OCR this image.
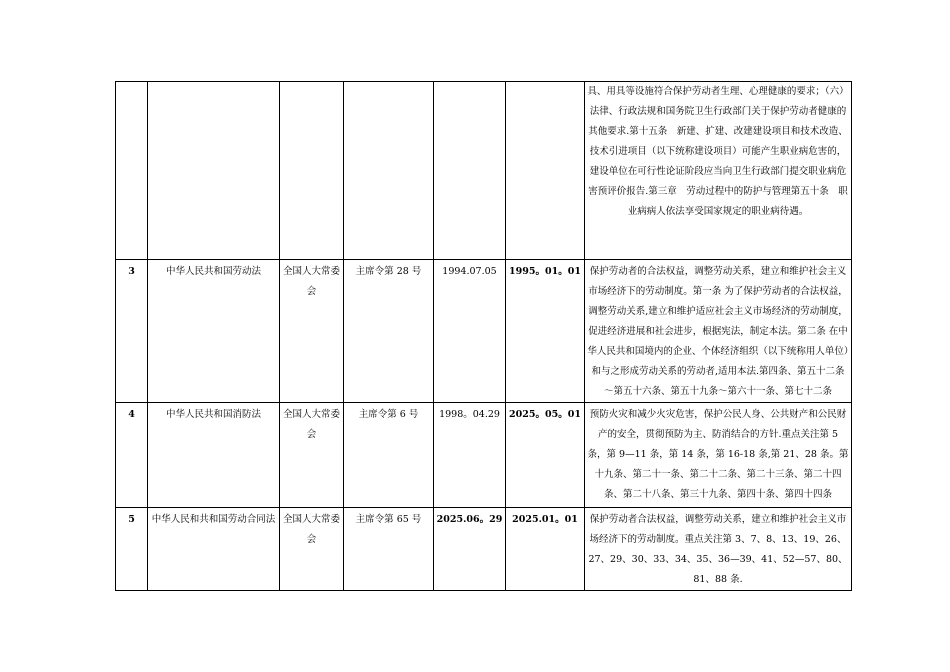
						具、用具等设施符合保护劳动者生理、心理健康的要求；（六）法律、行政法规和国务院卫生行政部门关于保护劳动者健康的其他要求.第十五条　新建、扩建、改建建设项目和技术改造、技术引进项目（以下统称建设项目）可能产生职业病危害的，建设单位在可行性论证阶段应当向卫生行政部门提交职业病危害预评价报告.第三章　劳动过程中的防护与管理第五十条　职业病病人依法享受国家规定的职业病待遇。

3	中华人民共和国劳动法	全国人大常委会	主席令第 28 号	1994.07.05	1995。01。01	保护劳动者的合法权益，调整劳动关系，建立和维护社会主义市场经济下的劳动制度。第一条 为了保护劳动者的合法权益，调整劳动关系,建立和维护适应社会主义市场经济的劳动制度，促进经济进展和社会进步，根据宪法，制定本法。第二条 在中华人民共和国境内的企业、个体经济组织（以下统称用人单位）和与之形成劳动关系的劳动者,适用本法.第四条、第五十二条～第五十六条、第五十九条～第六十一条、第七十二条

4	中华人民共和国消防法	全国人大常委会	主席令第 6 号	1998。04.29	2025。05。01	预防火灾和减少火灾危害，保护公民人身、公共财产和公民财产的安全，贯彻预防为主、防消结合的方针.重点关注第 5 条，第 9—11 条，第 14 条，第 16-18 条,第 21、28 条。第十九条、第二十一条、第二十二条、第二十三条、第二十四条、第二十八条、第三十九条、第四十条、第四十四条

5	中华人民和共和国劳动合同法	全国人大常委会	主席令第 65 号	2025.06。29	2025.01。01	保护劳动者合法权益，调整劳动关系，建立和维护社会主义市场经济下的劳动制度。重点关注第 3、7、8、13、19、26、27、29、30、33、34、35、36—39、41、52—57、80、81、88 条.
